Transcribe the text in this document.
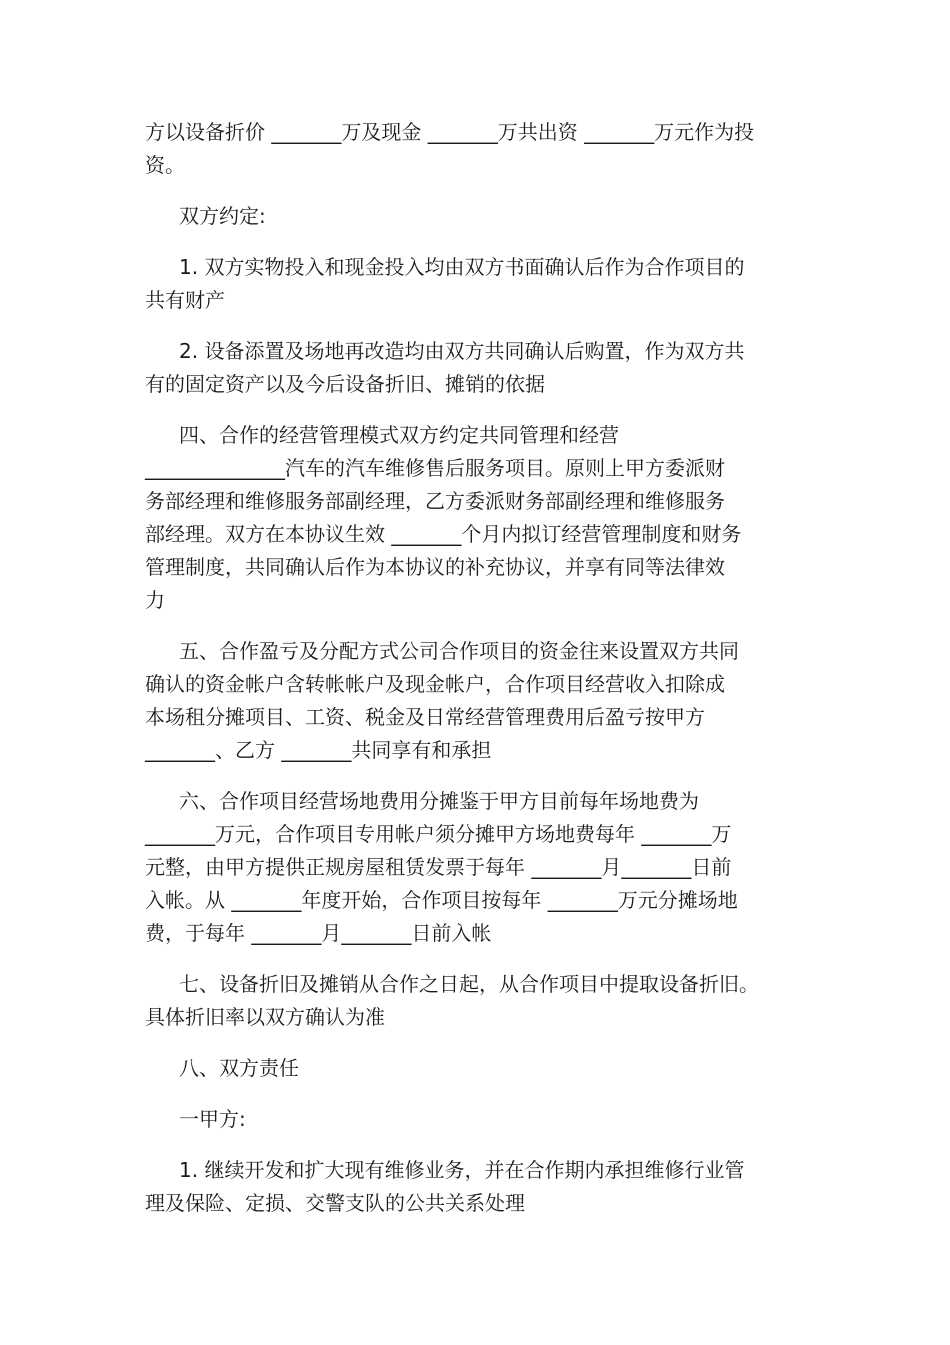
方以设备折价 _______万及现金 _______万共出资 _______万元作为投
资。
双方约定:
1. 双方实物投入和现金投入均由双方书面确认后作为合作项目的
共有财产
2. 设备添置及场地再改造均由双方共同确认后购置，作为双方共
有的固定资产以及今后设备折旧、摊销的依据
四、合作的经营管理模式双方约定共同管理和经营
______________汽车的汽车维修售后服务项目。原则上甲方委派财
务部经理和维修服务部副经理，乙方委派财务部副经理和维修服务
部经理。双方在本协议生效 _______个月内拟订经营管理制度和财务
管理制度，共同确认后作为本协议的补充协议，并享有同等法律效
力
五、合作盈亏及分配方式公司合作项目的资金往来设置双方共同
确认的资金帐户含转帐帐户及现金帐户，合作项目经营收入扣除成
本场租分摊项目、工资、税金及日常经营管理费用后盈亏按甲方
_______、乙方 _______共同享有和承担
六、合作项目经营场地费用分摊鉴于甲方目前每年场地费为
_______万元，合作项目专用帐户须分摊甲方场地费每年 _______万
元整，由甲方提供正规房屋租赁发票于每年 _______月_______日前
入帐。从 _______年度开始，合作项目按每年 _______万元分摊场地
费，于每年 _______月_______日前入帐
七、设备折旧及摊销从合作之日起，从合作项目中提取设备折旧。
具体折旧率以双方确认为准
八、双方责任
一甲方:
1. 继续开发和扩大现有维修业务，并在合作期内承担维修行业管
理及保险、定损、交警支队的公共关系处理
